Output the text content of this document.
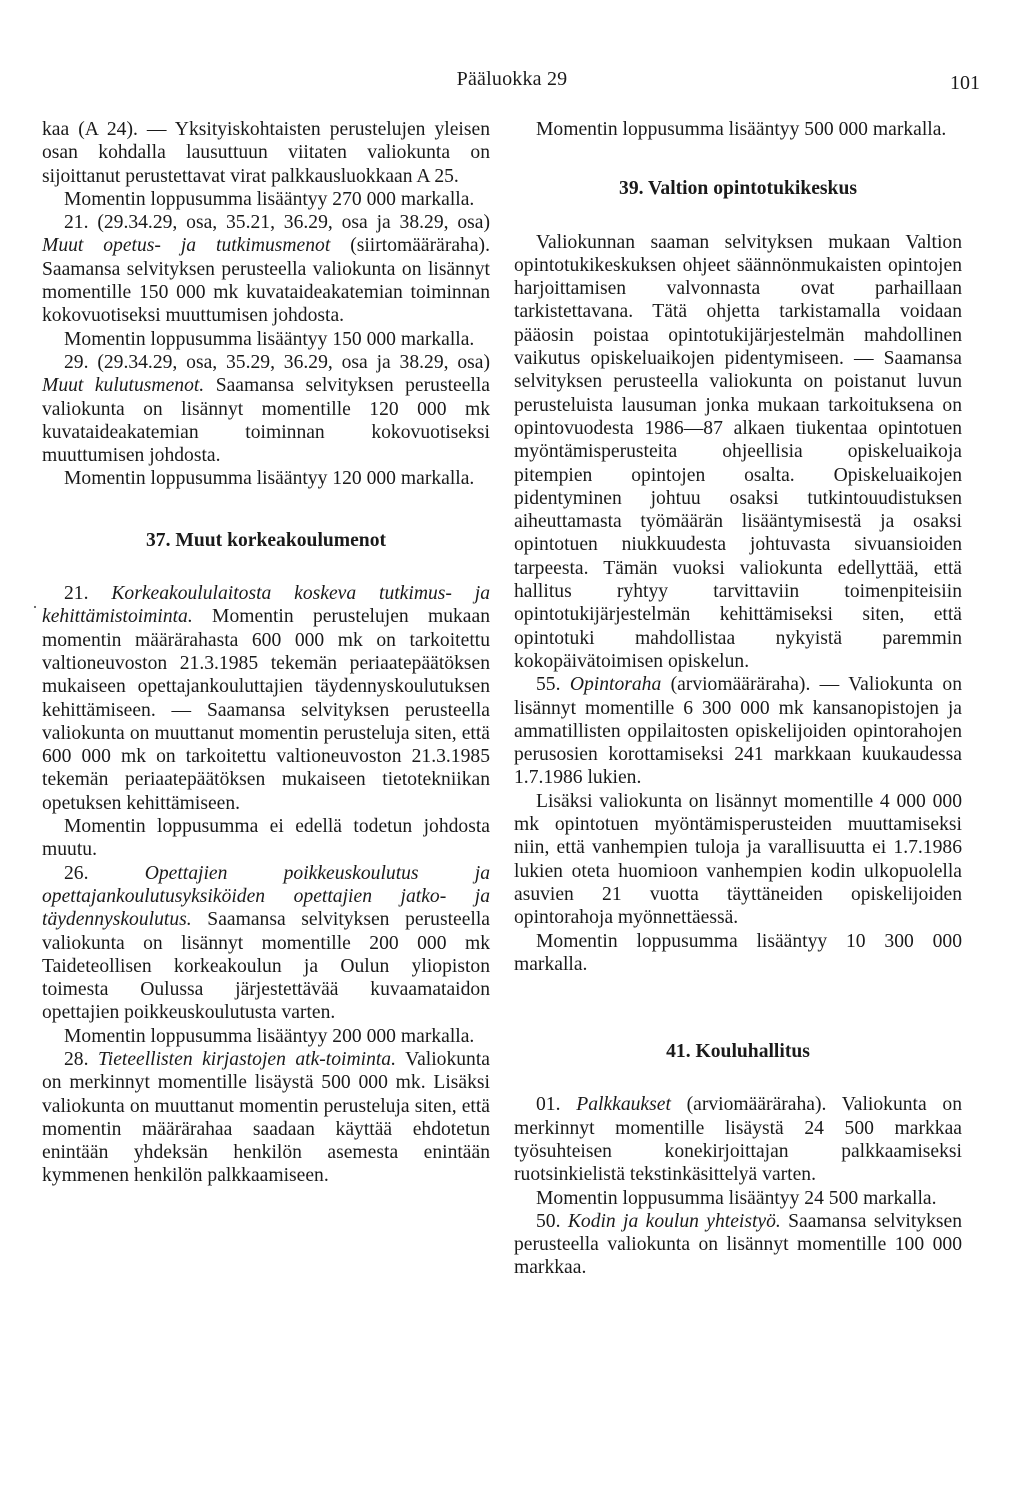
Pääluokka 29	101
·

kaa (A 24). — Yksityiskohtaisten perustelujen yleisen osan kohdalla lausuttuun viitaten valiokunta on sijoittanut perustettavat virat palkkausluokkaan A 25.

Momentin loppusumma lisääntyy 270 000 markalla.

21. (29.34.29, osa, 35.21, 36.29, osa ja 38.29, osa) Muut opetus- ja tutkimusmenot (siirtomääräraha). Saamansa selvityksen perusteella valiokunta on lisännyt momentille 150 000 mk kuvataideakatemian toiminnan kokovuotiseksi muuttumisen johdosta.

Momentin loppusumma lisääntyy 150 000 markalla.

29. (29.34.29, osa, 35.29, 36.29, osa ja 38.29, osa) Muut kulutusmenot. Saamansa selvityksen perusteella valiokunta on lisännyt momentille 120 000 mk kuvataideakatemian toiminnan kokovuotiseksi muuttumisen johdosta.

Momentin loppusumma lisääntyy 120 000 markalla.

37. Muut korkeakoulumenot

21. Korkeakoululaitosta koskeva tutkimus- ja kehittämistoiminta. Momentin perustelujen mukaan momentin määrärahasta 600 000 mk on tarkoitettu valtioneuvoston 21.3.1985 tekemän periaatepäätöksen mukaiseen opettajankouluttajien täydennyskoulutuksen kehittämiseen. — Saamansa selvityksen perusteella valiokunta on muuttanut momentin perusteluja siten, että 600 000 mk on tarkoitettu valtioneuvoston 21.3.1985 tekemän periaatepäätöksen mukaiseen tietotekniikan opetuksen kehittämiseen.

Momentin loppusumma ei edellä todetun johdosta muutu.

26. Opettajien poikkeuskoulutus ja opettajankoulutusyksiköiden opettajien jatko- ja täydennyskoulutus. Saamansa selvityksen perusteella valiokunta on lisännyt momentille 200 000 mk Taideteollisen korkeakoulun ja Oulun yliopiston toimesta Oulussa järjestettävää kuvaamataidon opettajien poikkeuskoulutusta varten.

Momentin loppusumma lisääntyy 200 000 markalla.

28. Tieteellisten kirjastojen atk-toiminta. Valiokunta on merkinnyt momentille lisäystä 500 000 mk. Lisäksi valiokunta on muuttanut momentin perusteluja siten, että momentin määrärahaa saadaan käyttää ehdotetun enintään yhdeksän henkilön asemesta enintään kymmenen henkilön palkkaamiseen.

Momentin loppusumma lisääntyy 500 000 markalla.

39. Valtion opintotukikeskus

Valiokunnan saaman selvityksen mukaan Valtion opintotukikeskuksen ohjeet säännönmukaisten opintojen harjoittamisen valvonnasta ovat parhaillaan tarkistettavana. Tätä ohjetta tarkistamalla voidaan pääosin poistaa opintotukijärjestelmän mahdollinen vaikutus opiskeluaikojen pidentymiseen. — Saamansa selvityksen perusteella valiokunta on poistanut luvun perusteluista lausuman jonka mukaan tarkoituksena on opintovuodesta 1986—87 alkaen tiukentaa opintotuen myöntämisperusteita ohjeellisia opiskeluaikoja pitempien opintojen osalta. Opiskeluaikojen pidentyminen johtuu osaksi tutkintouudistuksen aiheuttamasta työmäärän lisääntymisestä ja osaksi opintotuen niukkuudesta johtuvasta sivuansioiden tarpeesta. Tämän vuoksi valiokunta edellyttää, että hallitus ryhtyy tarvittaviin toimenpiteisiin opintotukijärjestelmän kehittämiseksi siten, että opintotuki mahdollistaa nykyistä paremmin kokopäivätoimisen opiskelun.

55. Opintoraha (arviomääräraha). — Valiokunta on lisännyt momentille 6 300 000 mk kansanopistojen ja ammatillisten oppilaitosten opiskelijoiden opintorahojen perusosien korottamiseksi 241 markkaan kuukaudessa 1.7.1986 lukien.

Lisäksi valiokunta on lisännyt momentille 4 000 000 mk opintotuen myöntämisperusteiden muuttamiseksi niin, että vanhempien tuloja ja varallisuutta ei 1.7.1986 lukien oteta huomioon vanhempien kodin ulkopuolella asuvien 21 vuotta täyttäneiden opiskelijoiden opintorahoja myönnettäessä.

Momentin loppusumma lisääntyy 10 300 000 markalla.

41. Kouluhallitus

01. Palkkaukset (arviomääräraha). Valiokunta on merkinnyt momentille lisäystä 24 500 markkaa työsuhteisen konekirjoittajan palkkaamiseksi ruotsinkielistä tekstinkäsittelyä varten.

Momentin loppusumma lisääntyy 24 500 markalla.

50. Kodin ja koulun yhteistyö. Saamansa selvityksen perusteella valiokunta on lisännyt momentille 100 000 markkaa.
